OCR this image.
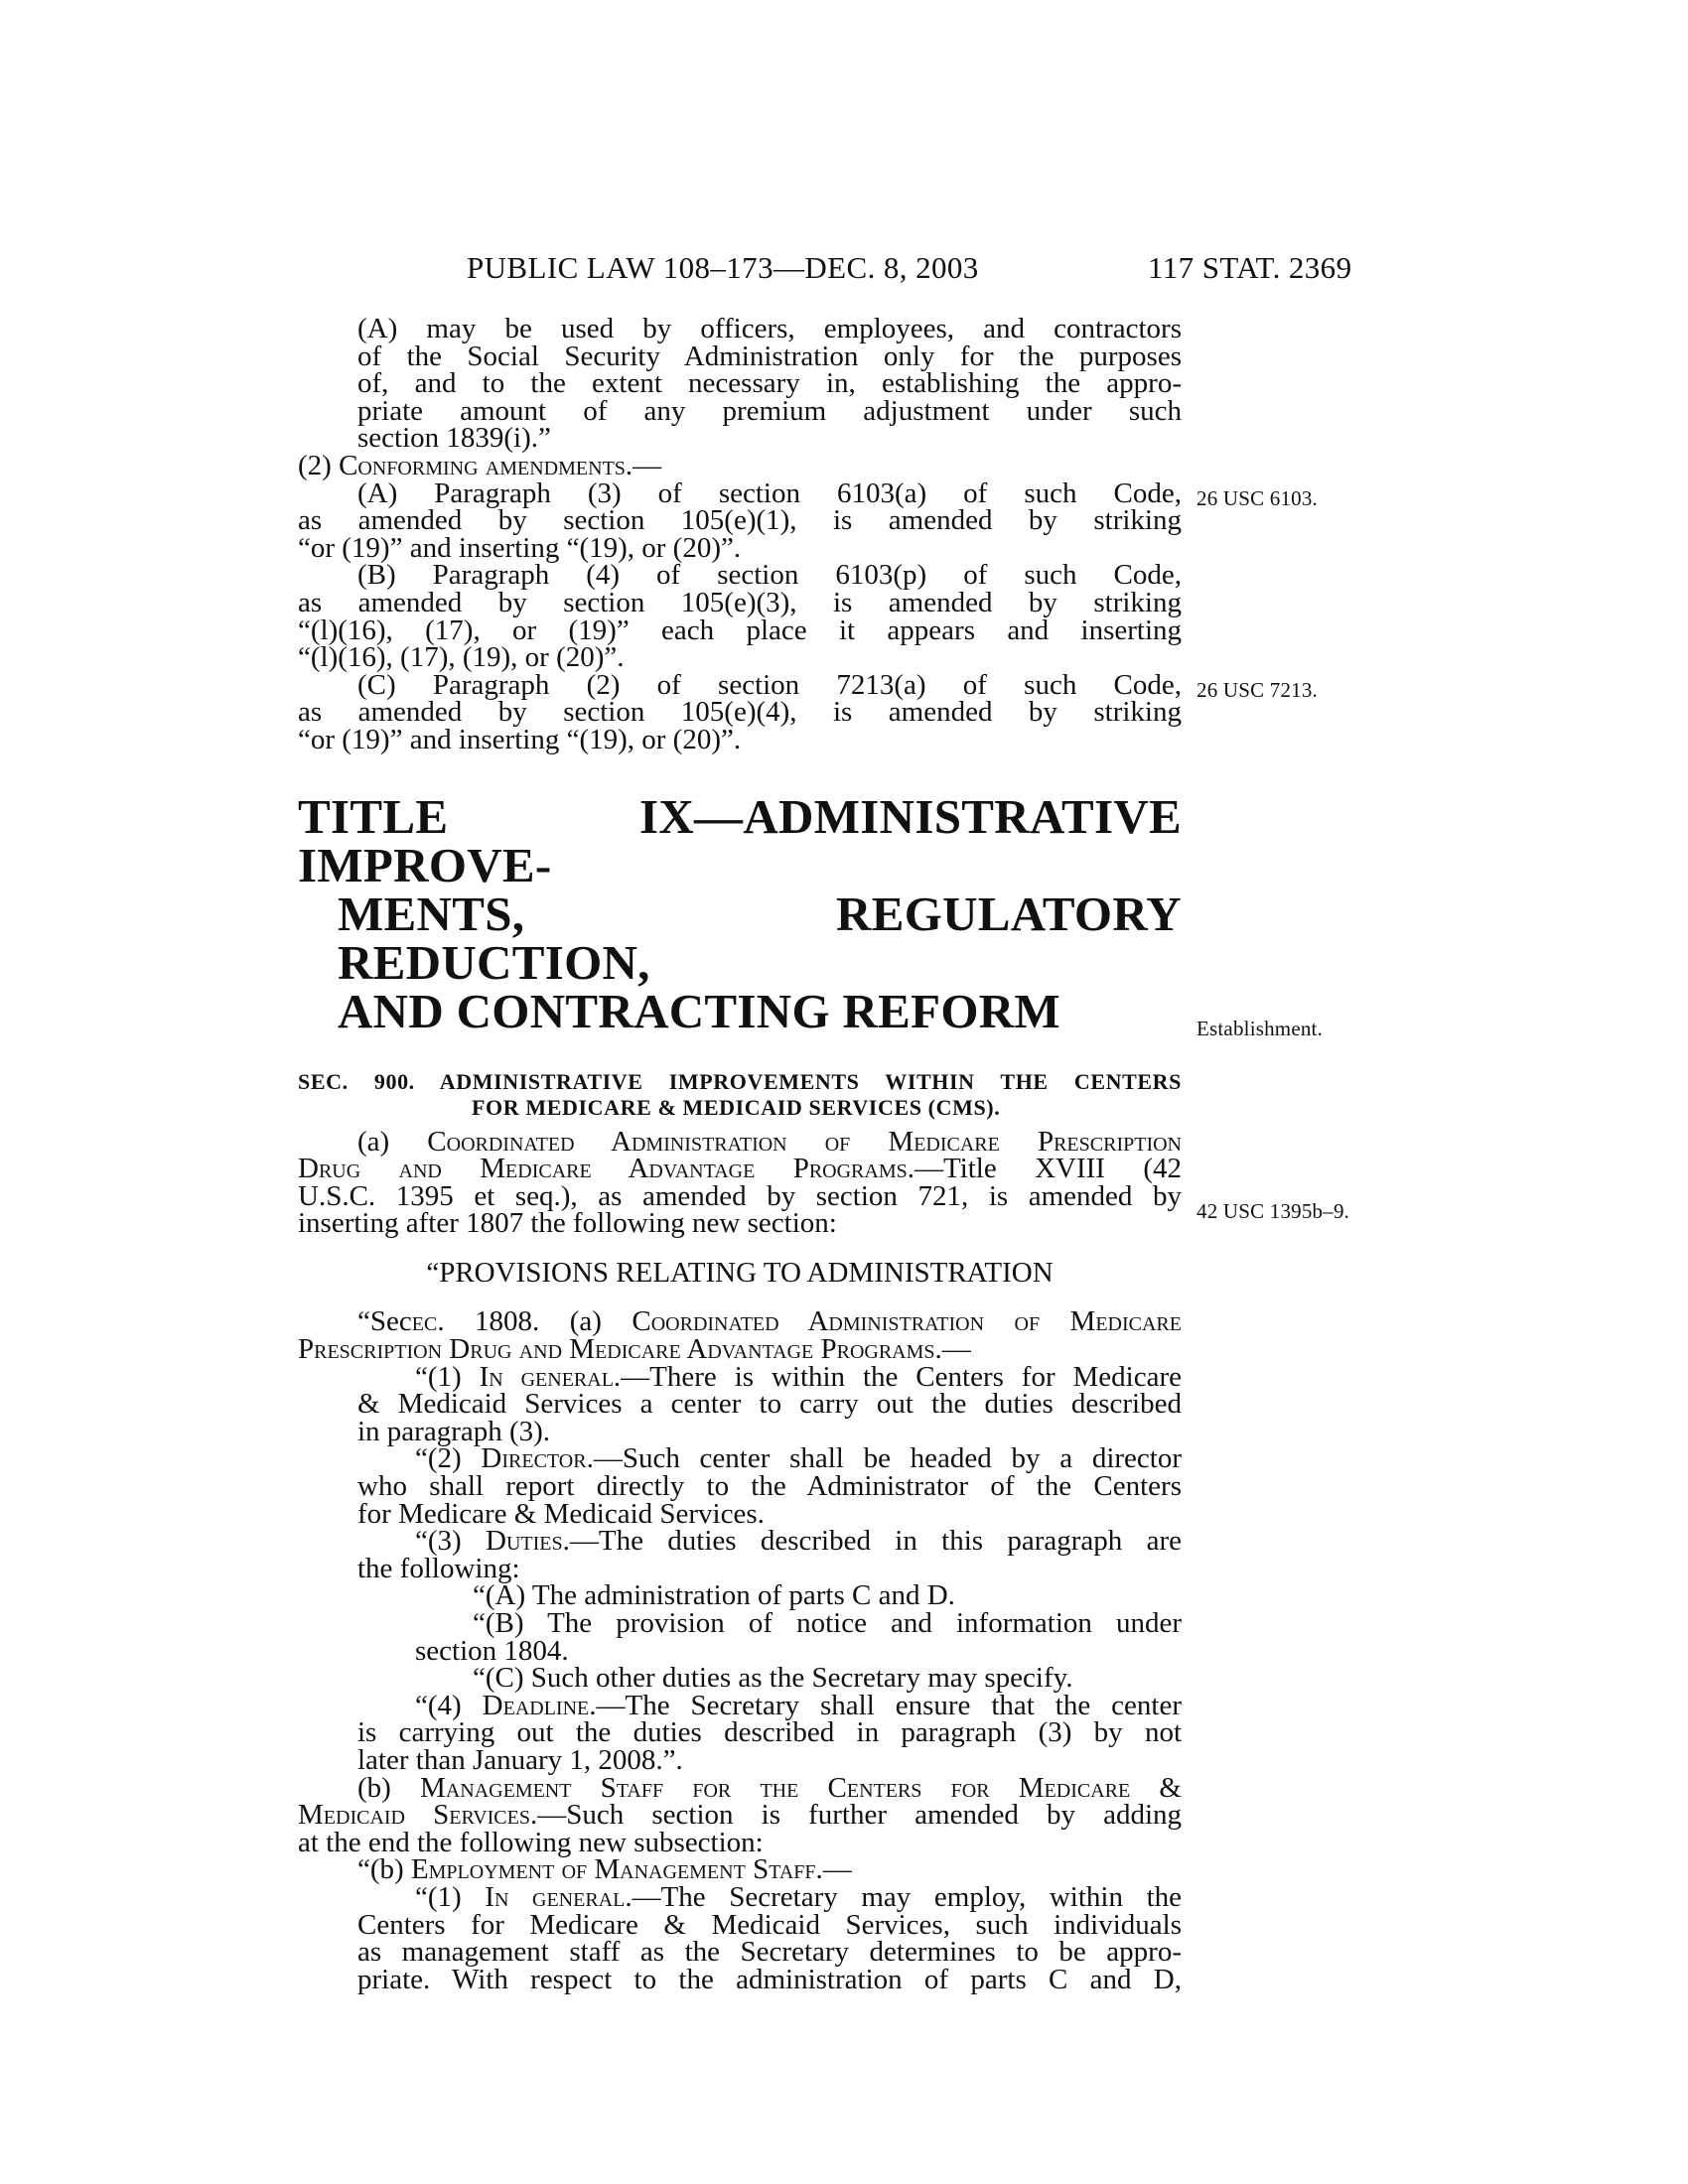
PUBLIC LAW 108–173—DEC. 8, 2003	117 STAT. 2369

(A) may be used by officers, employees, and contractors

of the Social Security Administration only for the purposes

of, and to the extent necessary in, establishing the appro-

priate amount of any premium adjustment under such

section 1839(i).”

(2) Conforming amendments.—

(A) Paragraph (3) of section 6103(a) of such Code,

as amended by section 105(e)(1), is amended by striking

“or (19)” and inserting “(19), or (20)”.

(B) Paragraph (4) of section 6103(p) of such Code,

as amended by section 105(e)(3), is amended by striking

“(l)(16), (17), or (19)” each place it appears and inserting

“(l)(16), (17), (19), or (20)”.

(C) Paragraph (2) of section 7213(a) of such Code,

as amended by section 105(e)(4), is amended by striking

“or (19)” and inserting “(19), or (20)”.

TITLE IX—ADMINISTRATIVE IMPROVE-
MENTS, REGULATORY REDUCTION,
AND CONTRACTING REFORM
SEC. 900. ADMINISTRATIVE IMPROVEMENTS WITHIN THE CENTERS
FOR MEDICARE & MEDICAID SERVICES (CMS).

(a) Coordinated Administration of Medicare Prescription

Drug and Medicare Advantage Programs.—Title XVIII (42

U.S.C. 1395 et seq.), as amended by section 721, is amended by

inserting after 1807 the following new section:

“PROVISIONS RELATING TO ADMINISTRATION

“Secec. 1808. (a) Coordinated Administration of Medicare

Prescription Drug and Medicare Advantage Programs.—

“(1) In general.—There is within the Centers for Medicare

& Medicaid Services a center to carry out the duties described

in paragraph (3).

“(2) Director.—Such center shall be headed by a director

who shall report directly to the Administrator of the Centers

for Medicare & Medicaid Services.

“(3) Duties.—The duties described in this paragraph are

the following:

“(A) The administration of parts C and D.

“(B) The provision of notice and information under

section 1804.

“(C) Such other duties as the Secretary may specify.

“(4) Deadline.—The Secretary shall ensure that the center

is carrying out the duties described in paragraph (3) by not

later than January 1, 2008.”.

(b) Management Staff for the Centers for Medicare &

Medicaid Services.—Such section is further amended by adding

at the end the following new subsection:

“(b) Employment of Management Staff.—

“(1) In general.—The Secretary may employ, within the

Centers for Medicare & Medicaid Services, such individuals

as management staff as the Secretary determines to be appro-

priate. With respect to the administration of parts C and D,

26 USC 6103.
26 USC 7213.
Establishment.
42 USC 1395b–9.
